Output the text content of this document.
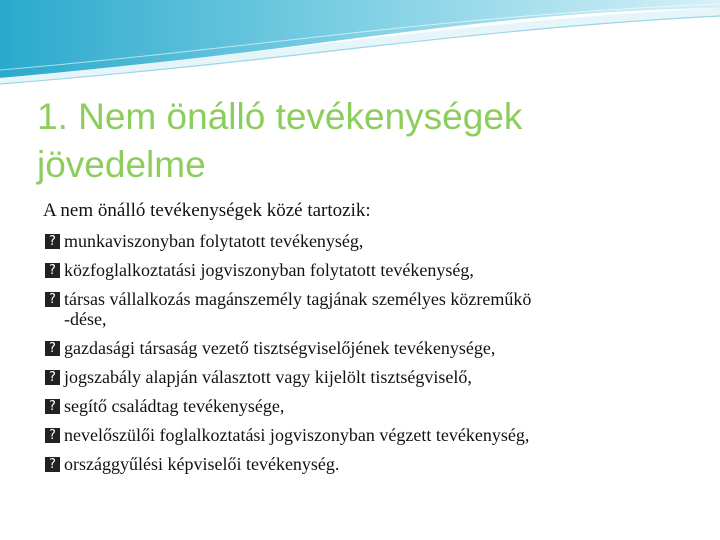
1. Nem önálló tevékenységek
jövedelme
A nem önálló tevékenységek közé tartozik:
? munkaviszonyban folytatott tevékenység,
? közfoglalkoztatási jogviszonyban folytatott tevékenység,
? társas vállalkozás magánszemély tagjának személyes közreműkö
-dése,
? gazdasági társaság vezető tisztségviselőjének tevékenysége,
? jogszabály alapján választott vagy kijelölt tisztségviselő,
? segítő családtag tevékenysége,
? nevelőszülői foglalkoztatási jogviszonyban végzett tevékenység,
? országgyűlési képviselői tevékenység.
